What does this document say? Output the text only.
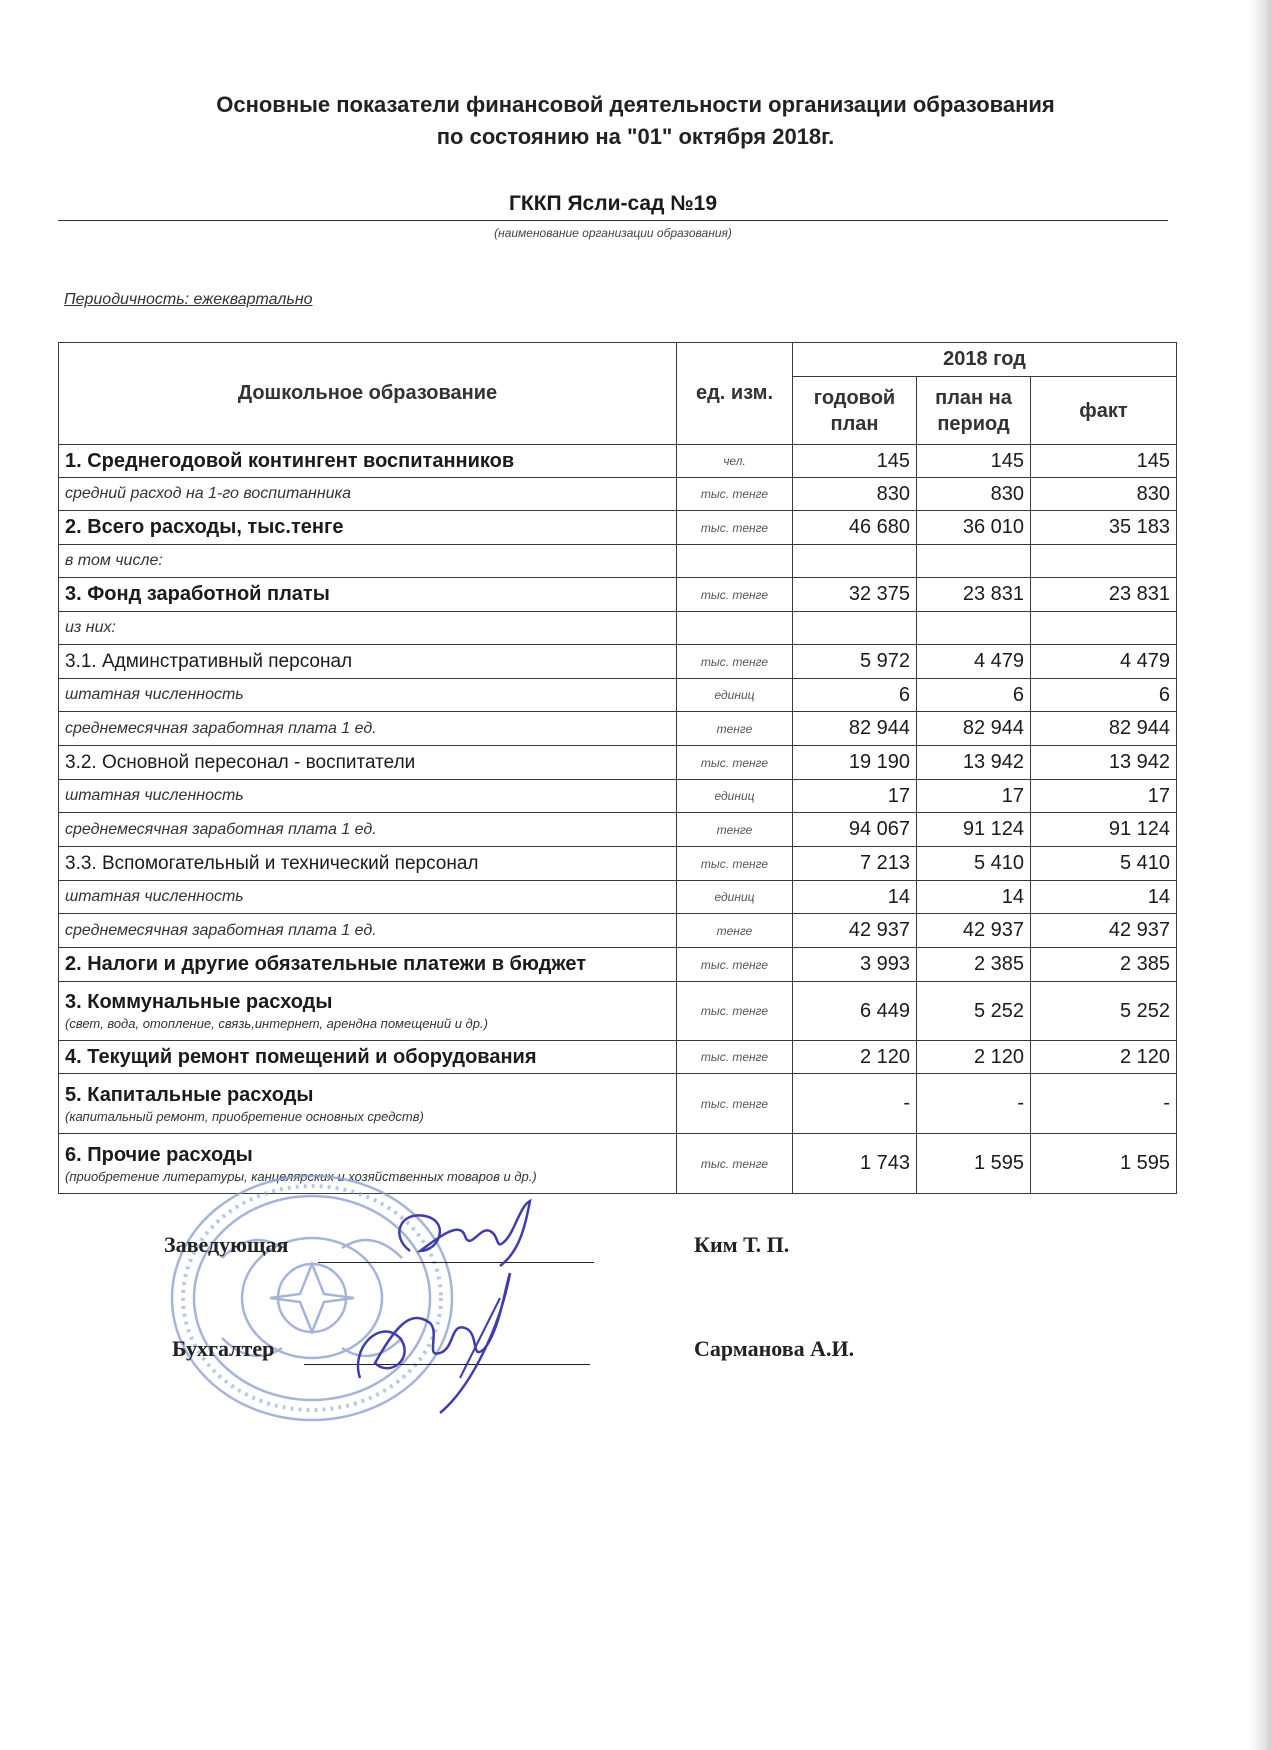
Основные показатели финансовой деятельности организации образования
по состоянию на "01" октября 2018г.
ГККП Ясли-сад №19
(наименование организации образования)
Периодичность: ежеквартально
Дошкольное образование	ед. изм.	2018 год		
		годовой план	план на период	факт
1. Среднегодовой контингент воспитанников	чел.	145	145	145
средний расход на 1-го воспитанника	тыс. тенге	830	830	830
2. Всего расходы, тыс.тенге	тыс. тенге	46 680	36 010	35 183
в том числе:				
3. Фонд заработной платы	тыс. тенге	32 375	23 831	23 831
из них:				
3.1. Админстративный персонал	тыс. тенге	5 972	4 479	4 479
штатная численность	единиц	6	6	6
среднемесячная заработная плата 1 ед.	тенге	82 944	82 944	82 944
3.2. Основной пересонал - воспитатели	тыс. тенге	19 190	13 942	13 942
штатная численность	единиц	17	17	17
среднемесячная заработная плата 1 ед.	тенге	94 067	91 124	91 124
3.3. Вспомогательный и технический персонал	тыс. тенге	7 213	5 410	5 410
штатная численность	единиц	14	14	14
среднемесячная заработная плата 1 ед.	тенге	42 937	42 937	42 937
2. Налоги и другие обязательные платежи в бюджет	тыс. тенге	3 993	2 385	2 385
3. Коммунальные расходы
(свет, вода, отопление, связь,интернет, арендна помещений и др.)	тыс. тенге	6 449	5 252	5 252
4. Текущий ремонт помещений и оборудования	тыс. тенге	2 120	2 120	2 120
5. Капитальные расходы
(капитальный ремонт, приобретение основных средств)	тыс. тенге	-	-	-
6. Прочие расходы
(приобретение литературы, канцелярских и хозяйственных товаров и др.)	тыс. тенге	1 743	1 595	1 595
Заведующая	Ким Т. П.
Бухгалтер	Сарманова А.И.
